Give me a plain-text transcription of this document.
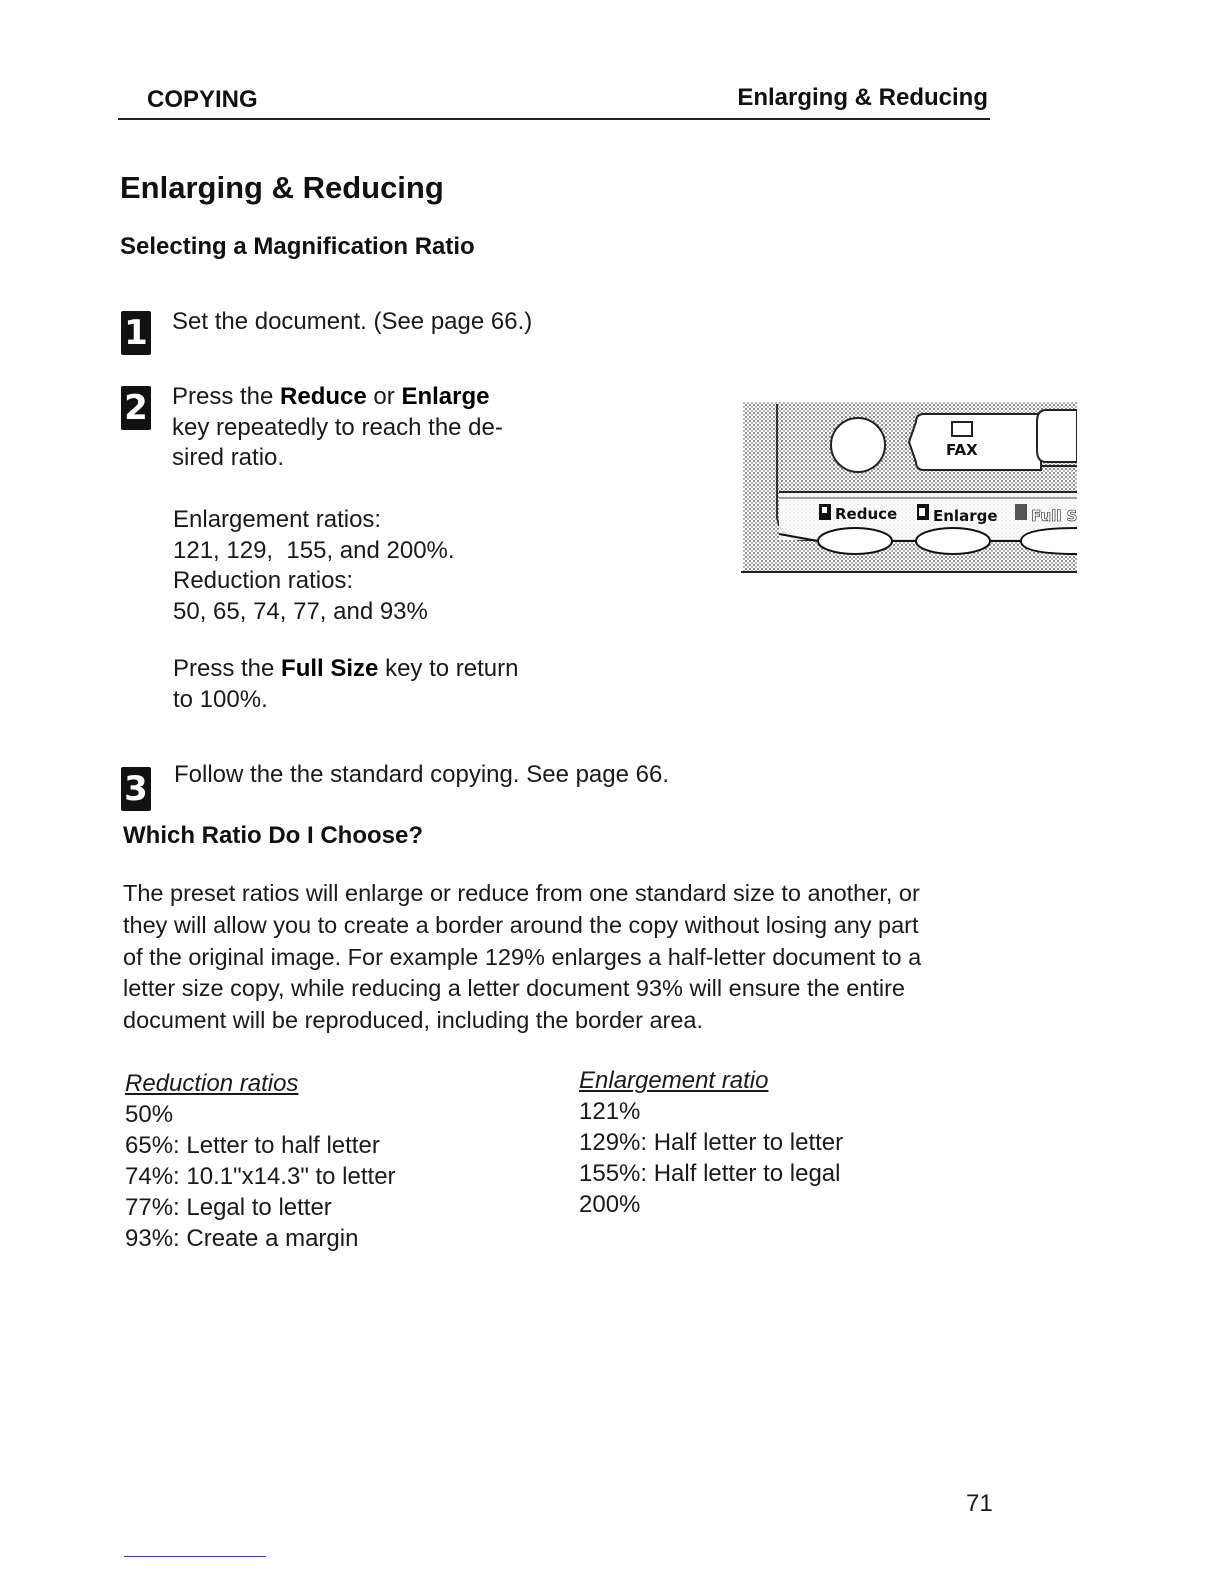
COPYING	Enlarging & Reducing
Enlarging & Reducing
Selecting a Magnification Ratio
1 Set the document. (See page 66.)
2 Press the Reduce or Enlarge
key repeatedly to reach the de-
sired ratio.
Enlargement ratios:
121, 129,  155, and 200%.
Reduction ratios:
50, 65, 74, 77, and 93%
Press the Full Size key to return
to 100%.
FAX
Reduce Enlarge Full S
3 Follow the the standard copying. See page 66.
Which Ratio Do I Choose?
The preset ratios will enlarge or reduce from one standard size to another, or
they will allow you to create a border around the copy without losing any part
of the original image. For example 129% enlarges a half-letter document to a
letter size copy, while reducing a letter document 93% will ensure the entire
document will be reproduced, including the border area.
Reduction ratios
50%
65%: Letter to half letter
74%: 10.1"x14.3" to letter
77%: Legal to letter
93%: Create a margin
Enlargement ratio
121%
129%: Half letter to letter
155%: Half letter to legal
200%
71
